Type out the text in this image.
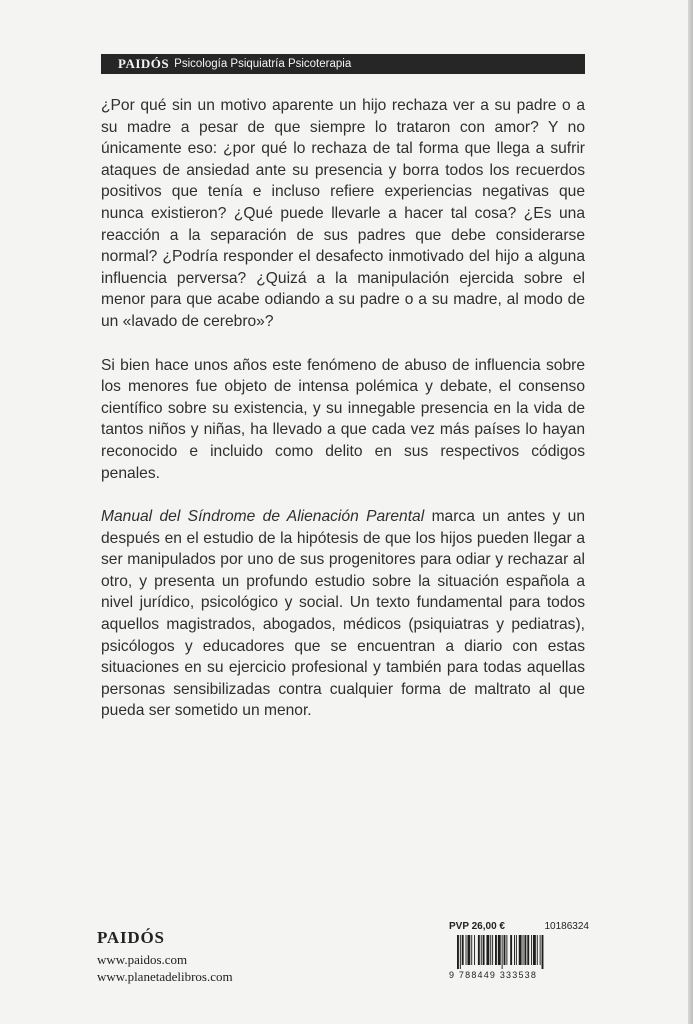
PAIDÓS Psicología Psiquiatría Psicoterapia

¿Por qué sin un motivo aparente un hijo rechaza ver a su padre o a su madre a pesar de que siempre lo trataron con amor? Y no únicamente eso: ¿por qué lo rechaza de tal forma que llega a sufrir ataques de ansiedad ante su presencia y borra todos los recuerdos positivos que tenía e incluso refiere experiencias negativas que nunca existieron? ¿Qué puede llevarle a hacer tal cosa? ¿Es una reacción a la separación de sus padres que debe considerarse normal? ¿Podría responder el desafecto inmotivado del hijo a alguna influencia perversa? ¿Quizá a la manipulación ejercida sobre el menor para que acabe odiando a su padre o a su madre, al modo de un «lavado de cerebro»?

Si bien hace unos años este fenómeno de abuso de influencia sobre los menores fue objeto de intensa polémica y debate, el consenso científico sobre su existencia, y su innegable presencia en la vida de tantos niños y niñas, ha llevado a que cada vez más países lo hayan reconocido e incluido como delito en sus respectivos códigos penales.

Manual del Síndrome de Alienación Parental marca un antes y un después en el estudio de la hipótesis de que los hijos pueden llegar a ser manipulados por uno de sus progenitores para odiar y rechazar al otro, y presenta un profundo estudio sobre la situación española a nivel jurídico, psicológico y social. Un texto fundamental para todos aquellos magistrados, abogados, médicos (psiquiatras y pediatras), psicólogos y educadores que se encuentran a diario con estas situaciones en su ejercicio profesional y también para todas aquellas personas sensibilizadas contra cualquier forma de maltrato al que pueda ser sometido un menor.

PAIDÓS
www.paidos.com
www.planetadelibros.com
PVP 26,00 €	10186324
9 788449 333538
